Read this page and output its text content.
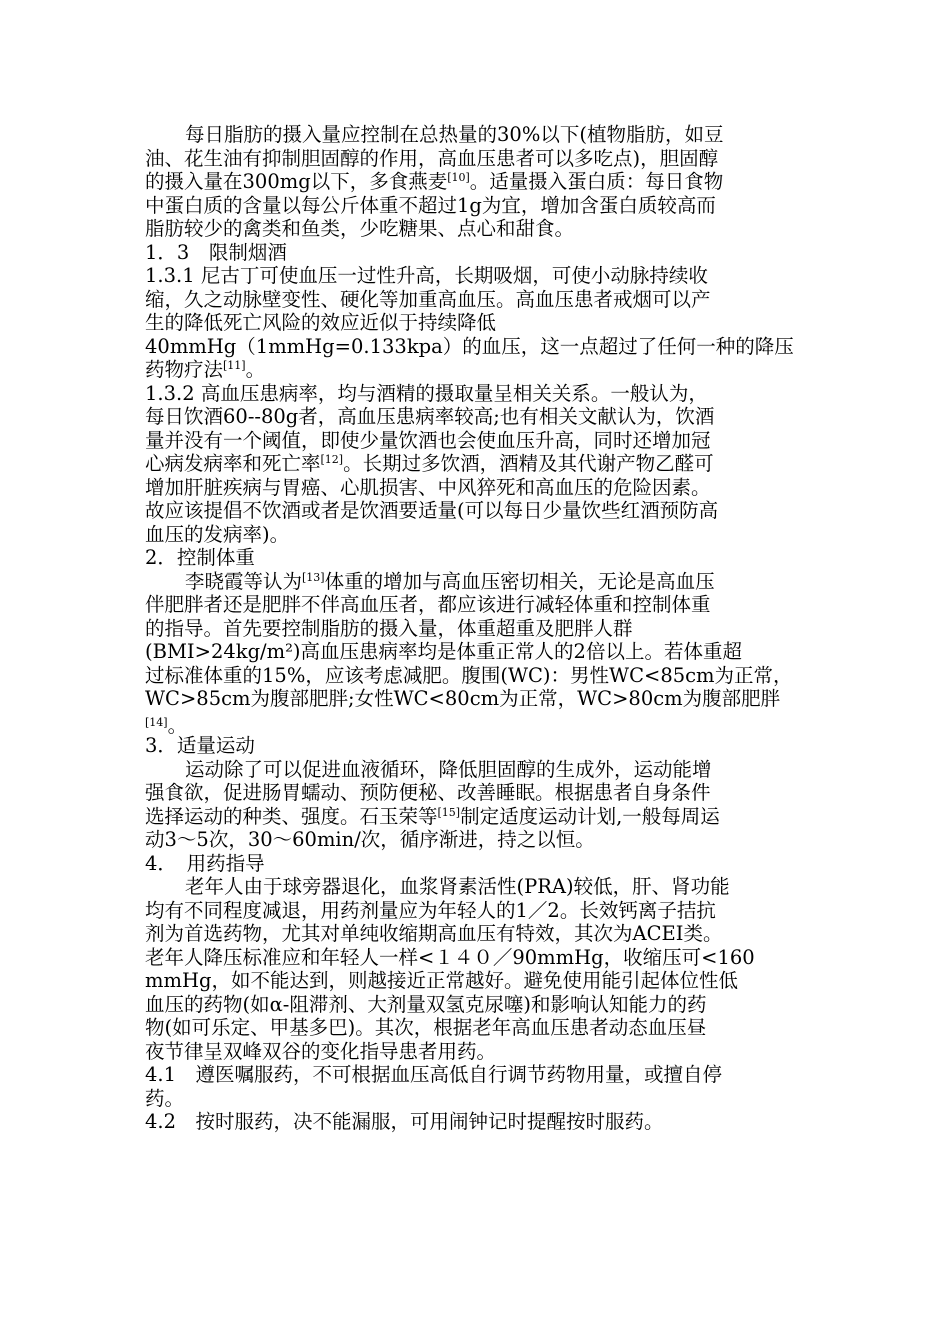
每日脂肪的摄入量应控制在总热量的30%以下(植物脂肪，如豆
油、花生油有抑制胆固醇的作用，高血压患者可以多吃点)，胆固醇
的摄入量在300mg以下，多食燕麦[10]。适量摄入蛋白质：每日食物
中蛋白质的含量以每公斤体重不超过1g为宜，增加含蛋白质较高而
脂肪较少的禽类和鱼类，少吃糖果、点心和甜食。
1．3　限制烟酒
1.3.1 尼古丁可使血压一过性升高，长期吸烟，可使小动脉持续收
缩，久之动脉壁变性、硬化等加重高血压。高血压患者戒烟可以产
生的降低死亡风险的效应近似于持续降低
40mmHg（1mmHg=0.133kpa）的血压，这一点超过了任何一种的降压
药物疗法[11]。
1.3.2 高血压患病率，均与酒精的摄取量呈相关关系。一般认为，
每日饮酒60--80g者，高血压患病率较高;也有相关文献认为，饮酒
量并没有一个阈值，即使少量饮酒也会使血压升高，同时还增加冠
心病发病率和死亡率[12]。长期过多饮酒，酒精及其代谢产物乙醛可
增加肝脏疾病与胃癌、心肌损害、中风猝死和高血压的危险因素。
故应该提倡不饮酒或者是饮酒要适量(可以每日少量饮些红酒预防高
血压的发病率)。
2．控制体重
李晓霞等认为[13]体重的增加与高血压密切相关，无论是高血压
伴肥胖者还是肥胖不伴高血压者，都应该进行减轻体重和控制体重
的指导。首先要控制脂肪的摄入量，体重超重及肥胖人群
(BMI>24kg/m²)高血压患病率均是体重正常人的2倍以上。若体重超
过标准体重的15%，应该考虑减肥。腹围(WC)：男性WC<85cm为正常，
WC>85cm为腹部肥胖;女性WC<80cm为正常，WC>80cm为腹部肥胖
[14]。
3．适量运动
运动除了可以促进血液循环，降低胆固醇的生成外，运动能增
强食欲，促进肠胃蠕动、预防便秘、改善睡眠。根据患者自身条件
选择运动的种类、强度。石玉荣等[15]制定适度运动计划,一般每周运
动3～5次，30～60min/次，循序渐进，持之以恒。
4．　用药指导
老年人由于球旁器退化，血浆肾素活性(PRA)较低，肝、肾功能
均有不同程度减退，用药剂量应为年轻人的1／2。长效钙离子拮抗
剂为首选药物，尤其对单纯收缩期高血压有特效，其次为ACEI类。
老年人降压标准应和年轻人一样<１４０／90mmHg，收缩压可<160
mmHg，如不能达到，则越接近正常越好。避免使用能引起体位性低
血压的药物(如α-阻滞剂、大剂量双氢克尿噻)和影响认知能力的药
物(如可乐定、甲基多巴)。其次，根据老年高血压患者动态血压昼
夜节律呈双峰双谷的变化指导患者用药。
4.1　遵医嘱服药，不可根据血压高低自行调节药物用量，或擅自停
药。
4.2　按时服药，决不能漏服，可用闹钟记时提醒按时服药。
